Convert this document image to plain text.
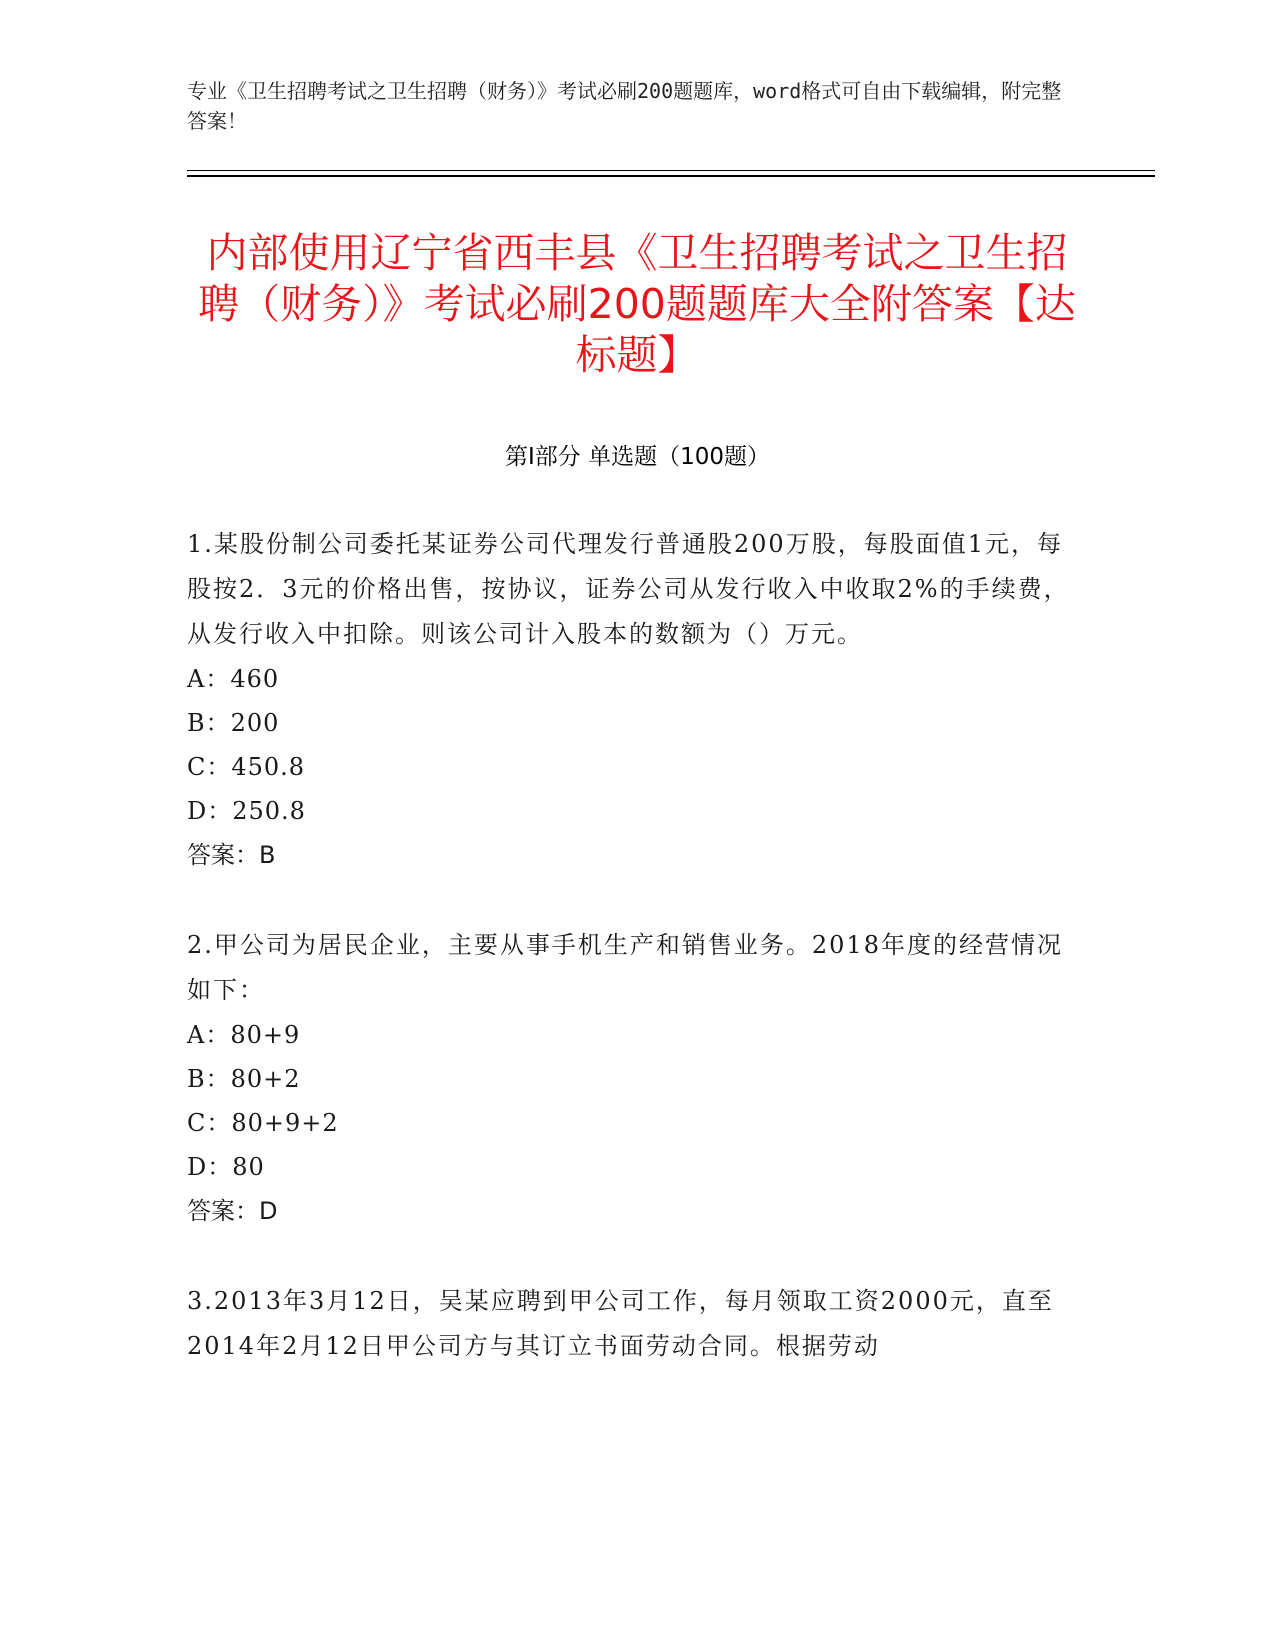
专业《卫生招聘考试之卫生招聘（财务）》考试必刷200题题库，word格式可自由下载编辑，附完整答案！
内部使用辽宁省西丰县《卫生招聘考试之卫生招聘（财务）》考试必刷200题题库大全附答案【达标题】
第Ⅰ部分 单选题（100题）

1.某股份制公司委托某证券公司代理发行普通股200万股，每股面值1元，每股按2．3元的价格出售，按协议，证券公司从发行收入中收取2%的手续费，从发行收入中扣除。则该公司计入股本的数额为（）万元。

A：460

B：200

C：450.8

D：250.8

答案：B

2.甲公司为居民企业，主要从事手机生产和销售业务。2018年度的经营情况如下：

A：80+9

B：80+2

C：80+9+2

D：80

答案：D

3.2013年3月12日，吴某应聘到甲公司工作，每月领取工资2000元，直至2014年2月12日甲公司方与其订立书面劳动合同。根据劳动
